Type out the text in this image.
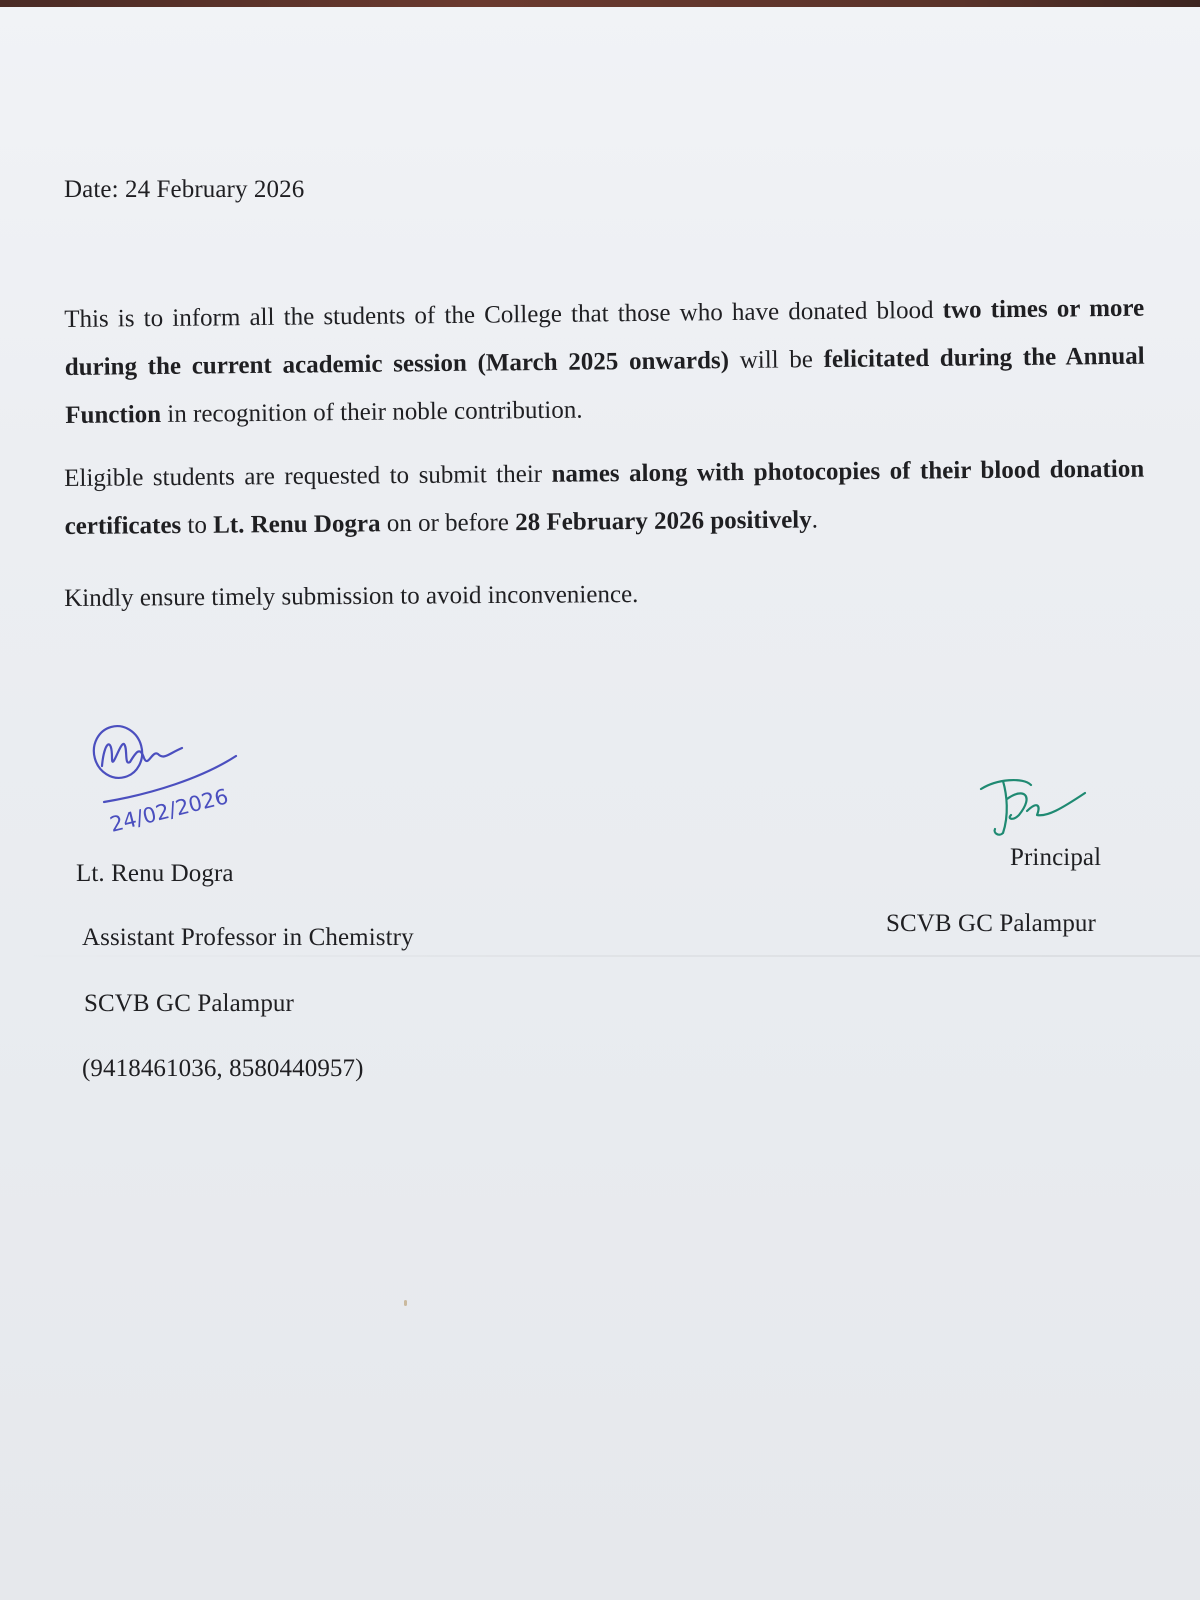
Date: 24 February 2026
This is to inform all the students of the College that those who have donated blood two times or more during the current academic session (March 2025 onwards) will be felicitated during the Annual Function in recognition of their noble contribution.
Eligible students are requested to submit their names along with photocopies of their blood donation certificates to Lt. Renu Dogra on or before 28 February 2026 positively.
Kindly ensure timely submission to avoid inconvenience.
24/02/2026
Lt. Renu Dogra
Assistant Professor in Chemistry
SCVB GC Palampur
(9418461036, 8580440957)
Principal
SCVB GC Palampur
